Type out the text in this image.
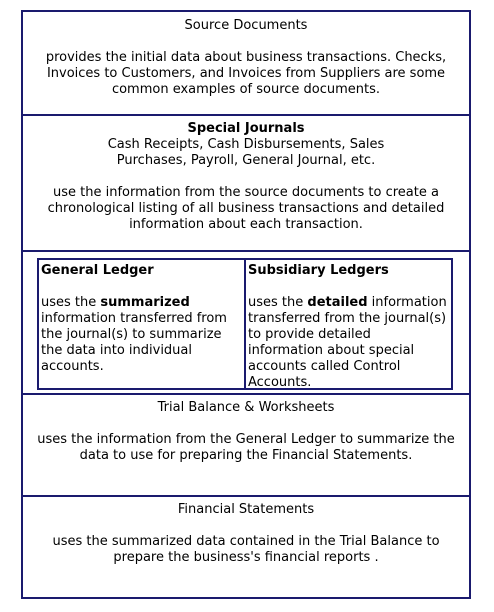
Source Documents
provides the initial data about business transactions. Checks, Invoices to Customers, and Invoices from Suppliers are some common examples of source documents.
Special Journals
Cash Receipts, Cash Disbursements, Sales Purchases, Payroll, General Journal, etc.
use the information from the source documents to create a chronological listing of all business transactions and detailed information about each transaction.
General Ledger
uses the summarized information transferred from the journal(s) to summarize the data into individual accounts.
Subsidiary Ledgers
uses the detailed information transferred from the journal(s) to provide detailed information about special accounts called Control Accounts.
Trial Balance & Worksheets
uses the information from the General Ledger to summarize the data to use for preparing the Financial Statements.
Financial Statements
uses the summarized data contained in the Trial Balance to prepare the business's financial reports .
